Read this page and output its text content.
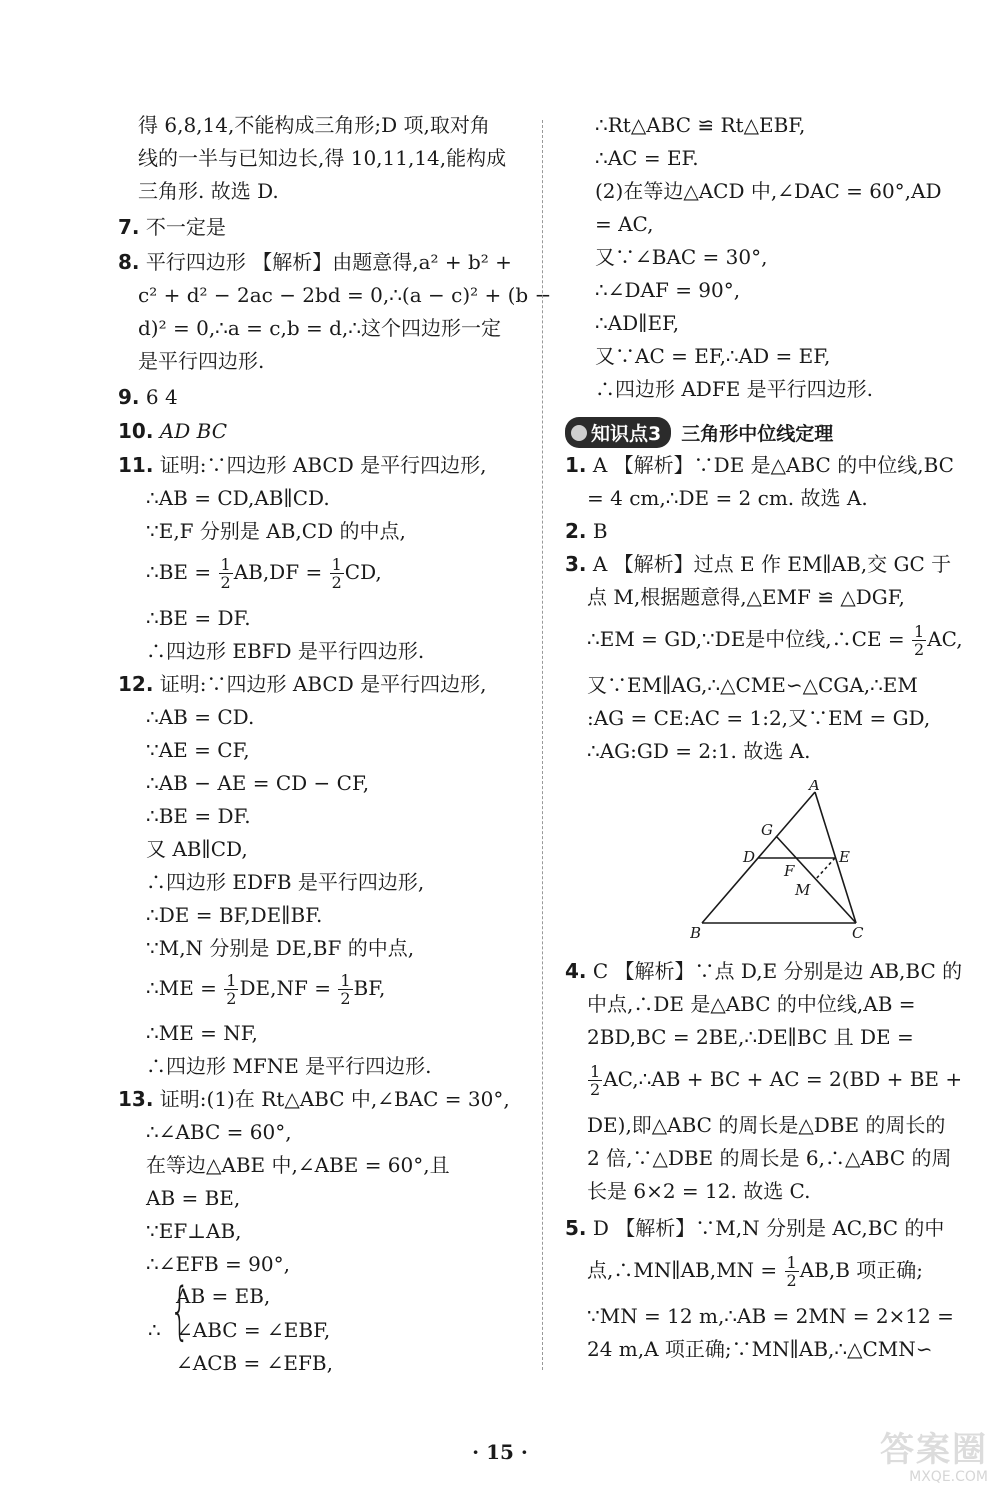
得 6,8,14,不能构成三角形;D 项,取对角
线的一半与已知边长,得 10,11,14,能构成
三角形. 故选 D.
7. 不一定是
8. 平行四边形 【解析】由题意得,a² + b² +
c² + d² − 2ac − 2bd = 0,∴(a − c)² + (b −
d)² = 0,∴a = c,b = d,∴这个四边形一定
是平行四边形.
9. 6 4
10. AD BC
11. 证明:∵四边形 ABCD 是平行四边形,
∴AB = CD,AB∥CD.
∵E,F 分别是 AB,CD 的中点,
∴BE = $\frac{1}{2} AB,DF = \frac{1}{2}$ CD,
∴BE = DF.
∴四边形 EBFD 是平行四边形.
12. 证明:∵四边形 ABCD 是平行四边形,
∴AB = CD.
∵AE = CF,
∴AB − AE = CD − CF,
∴BE = DF.
又 AB∥CD,
∴四边形 EDFB 是平行四边形,
∴DE = BF,DE∥BF.
∵M,N 分别是 DE,BF 的中点,
∴ME = $\frac{1}{2} DE,NF = \frac{1}{2}$ BF,
∴ME = NF,
∴四边形 MFNE 是平行四边形.
13. 证明:(1)在 Rt△ABC 中,∠BAC = 30°,
∴∠ABC = 60°,
在等边△ABE 中,∠ABE = 60°,且
AB = BE,
∵EF⊥AB,
∴∠EFB = 90°,
AB = EB,
∴ {
∠ABC = ∠EBF,
∠ACB = ∠EFB,
∴Rt△ABC ≌ Rt△EBF,
∴AC = EF.
(2)在等边△ACD 中,∠DAC = 60°,AD
= AC,
又∵∠BAC = 30°,
∴∠DAF = 90°,
∴AD∥EF,
又∵AC = EF,∴AD = EF,
∴四边形 ADFE 是平行四边形.
1. A 【解析】∵DE 是△ABC 的中位线,BC
= 4 cm,∴DE = 2 cm. 故选 A.
2. B
3. A 【解析】过点 E 作 EM∥AB,交 GC 于
点 M,根据题意得,△EMF ≌ △DGF,
∴EM = GD,∵DE是中位线,∴CE = $\frac{1}{2}$ AC,
又∵EM∥AG,∴△CME∽△CGA,∴EM
:AG = CE:AC = 1:2,又∵EM = GD,
∴AG:GD = 2:1. 故选 A.
4. C 【解析】∵点 D,E 分别是边 AB,BC 的
中点,∴DE 是△ABC 的中位线,AB =
2BD,BC = 2BE,∴DE∥BC 且 DE =
$\frac{1}{2}$ AC,∴AB + BC + AC = 2(BD + BE +
DE),即△ABC 的周长是△DBE 的周长的
2 倍,∵△DBE 的周长是 6,∴△ABC 的周
长是 6×2 = 12. 故选 C.
5. D 【解析】∵M,N 分别是 AC,BC 的中
点,∴MN∥AB,MN = $\frac{1}{2} AB,B$ 项正确;
∵MN = 12 m,∴AB = 2MN = 2×12 =
24 m,A 项正确;∵MN∥AB,∴△CMN∽
知识点3 三角形中位线定理
A
G
D
F
E
M
B	C
· 15 ·	答案圈
MXQE.COM
